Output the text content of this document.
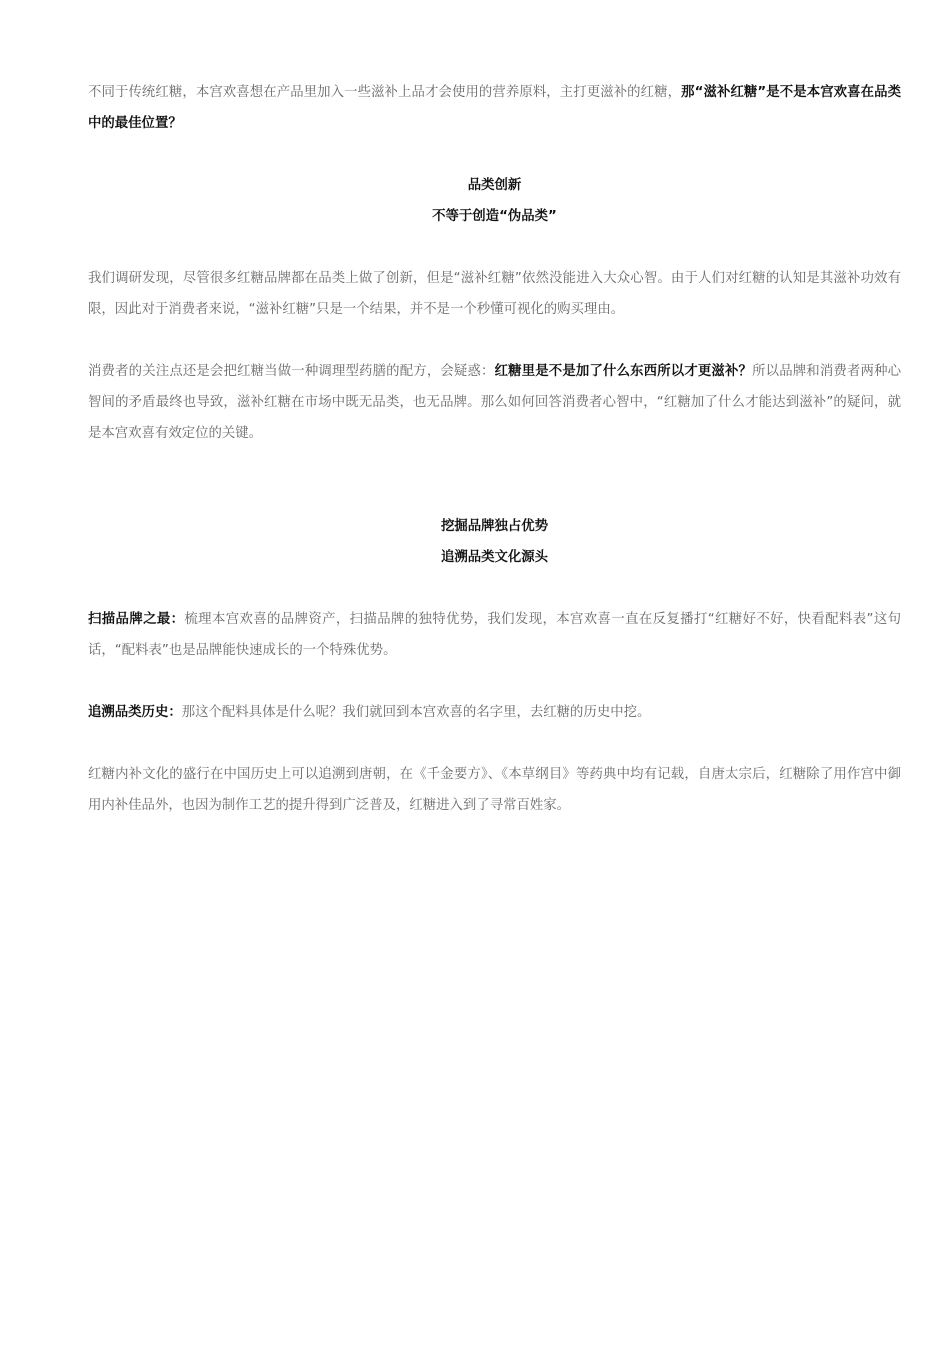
不同于传统红糖，本宫欢喜想在产品里加入一些滋补上品才会使用的营养原料，主打更滋补的红糖，那“滋补红糖”是不是本宫欢喜在品类中的最佳位置？

品类创新
不等于创造“伪品类”

我们调研发现，尽管很多红糖品牌都在品类上做了创新，但是“滋补红糖”依然没能进入大众心智。由于人们对红糖的认知是其滋补功效有限，因此对于消费者来说，“滋补红糖”只是一个结果，并不是一个秒懂可视化的购买理由。

消费者的关注点还是会把红糖当做一种调理型药膳的配方，会疑惑：红糖里是不是加了什么东西所以才更滋补？所以品牌和消费者两种心智间的矛盾最终也导致，滋补红糖在市场中既无品类，也无品牌。那么如何回答消费者心智中，“红糖加了什么才能达到滋补”的疑问，就是本宫欢喜有效定位的关键。

挖掘品牌独占优势
追溯品类文化源头

扫描品牌之最：梳理本宫欢喜的品牌资产，扫描品牌的独特优势，我们发现，本宫欢喜一直在反复播打“红糖好不好，快看配料表”这句话，“配料表”也是品牌能快速成长的一个特殊优势。

追溯品类历史：那这个配料具体是什么呢？我们就回到本宫欢喜的名字里，去红糖的历史中挖。

红糖内补文化的盛行在中国历史上可以追溯到唐朝，在《千金要方》、《本草纲目》等药典中均有记载，自唐太宗后，红糖除了用作宫中御用内补佳品外，也因为制作工艺的提升得到广泛普及，红糖进入到了寻常百姓家。
